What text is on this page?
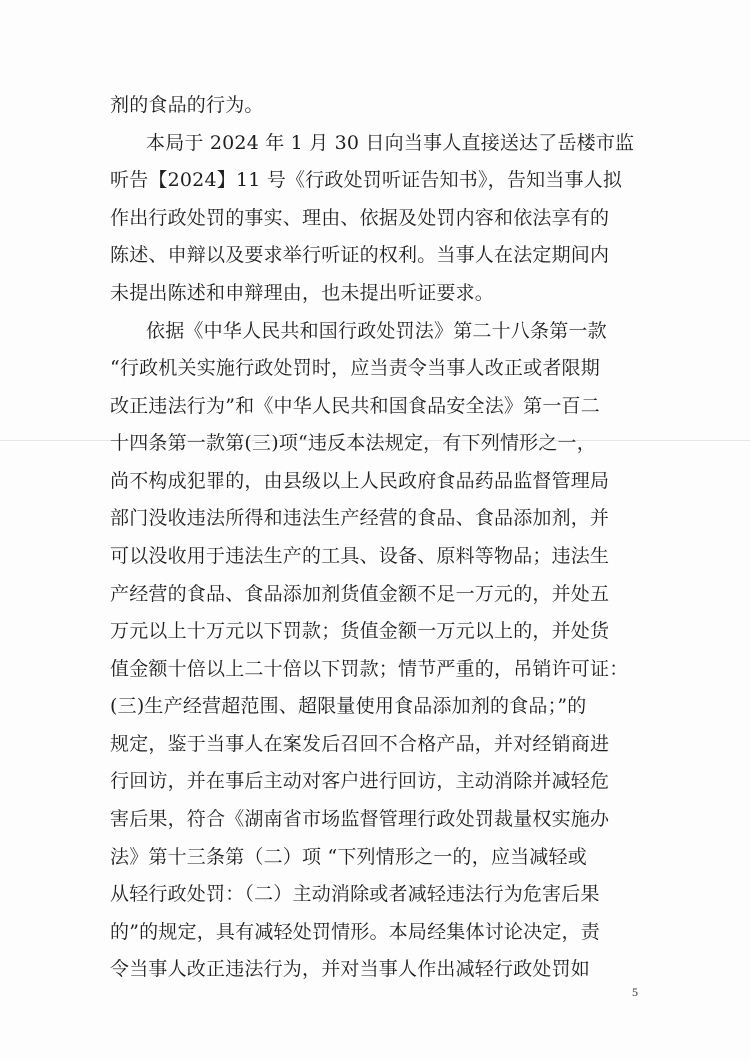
剂的食品的行为。
本局于 2024 年 1 月 30 日向当事人直接送达了岳楼市监
听告【2024】11 号《行政处罚听证告知书》，告知当事人拟
作出行政处罚的事实、理由、依据及处罚内容和依法享有的
陈述、申辩以及要求举行听证的权利。当事人在法定期间内
未提出陈述和申辩理由，也未提出听证要求。
依据《中华人民共和国行政处罚法》第二十八条第一款
“行政机关实施行政处罚时，应当责令当事人改正或者限期
改正违法行为”和《中华人民共和国食品安全法》第一百二
十四条第一款第(三)项“违反本法规定，有下列情形之一，
尚不构成犯罪的，由县级以上人民政府食品药品监督管理局
部门没收违法所得和违法生产经营的食品、食品添加剂，并
可以没收用于违法生产的工具、设备、原料等物品；违法生
产经营的食品、食品添加剂货值金额不足一万元的，并处五
万元以上十万元以下罚款；货值金额一万元以上的，并处货
值金额十倍以上二十倍以下罚款；情节严重的，吊销许可证：
(三)生产经营超范围、超限量使用食品添加剂的食品；”的
规定，鉴于当事人在案发后召回不合格产品，并对经销商进
行回访，并在事后主动对客户进行回访，主动消除并减轻危
害后果，符合《湖南省市场监督管理行政处罚裁量权实施办
法》第十三条第（二）项 “下列情形之一的，应当减轻或
从轻行政处罚：（二）主动消除或者减轻违法行为危害后果
的”的规定，具有减轻处罚情形。本局经集体讨论决定，责
令当事人改正违法行为，并对当事人作出减轻行政处罚如
5
